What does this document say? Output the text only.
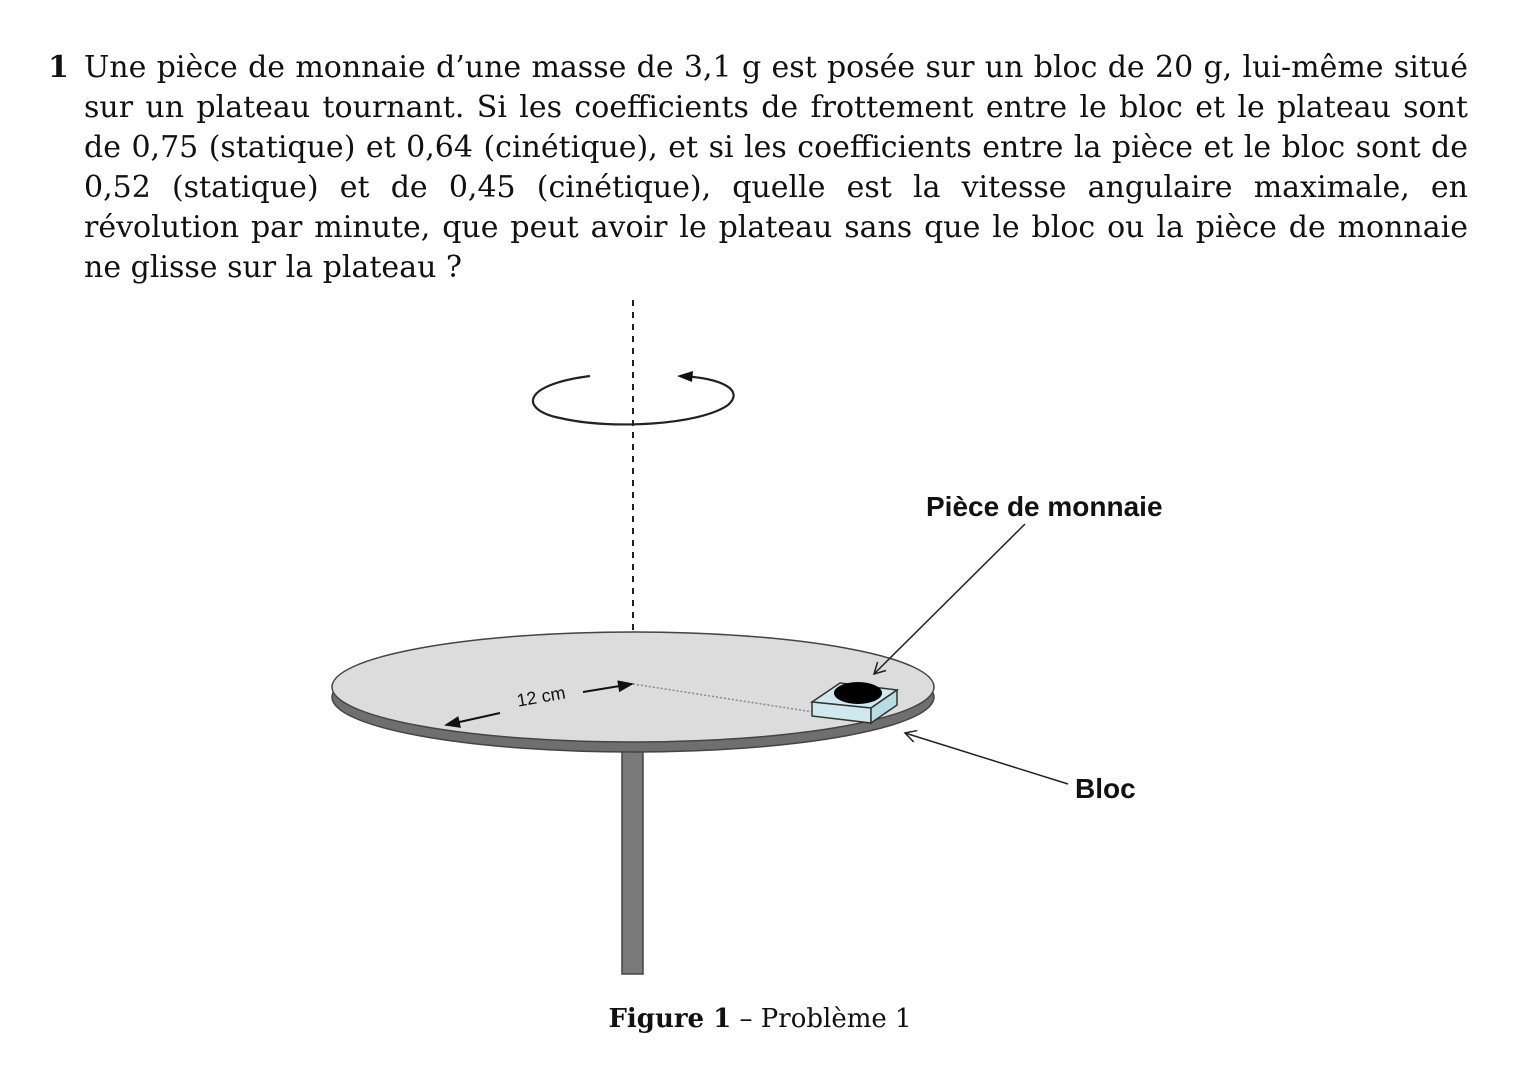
1 Une pièce de monnaie d’une masse de 3,1 g est posée sur un bloc de 20 g, lui-même situé sur un plateau tournant. Si les coefficients de frottement entre le bloc et le plateau sont de 0,75 (statique) et 0,64 (cinétique), et si les coefficients entre la pièce et le bloc sont de 0,52 (statique) et de 0,45 (cinétique), quelle est la vitesse angulaire maximale, en révolution par minute, que peut avoir le plateau sans que le bloc ou la pièce de monnaie ne glisse sur la plateau ?
Pièce de monnaie
Bloc
12 cm
Figure 1 – Problème 1
